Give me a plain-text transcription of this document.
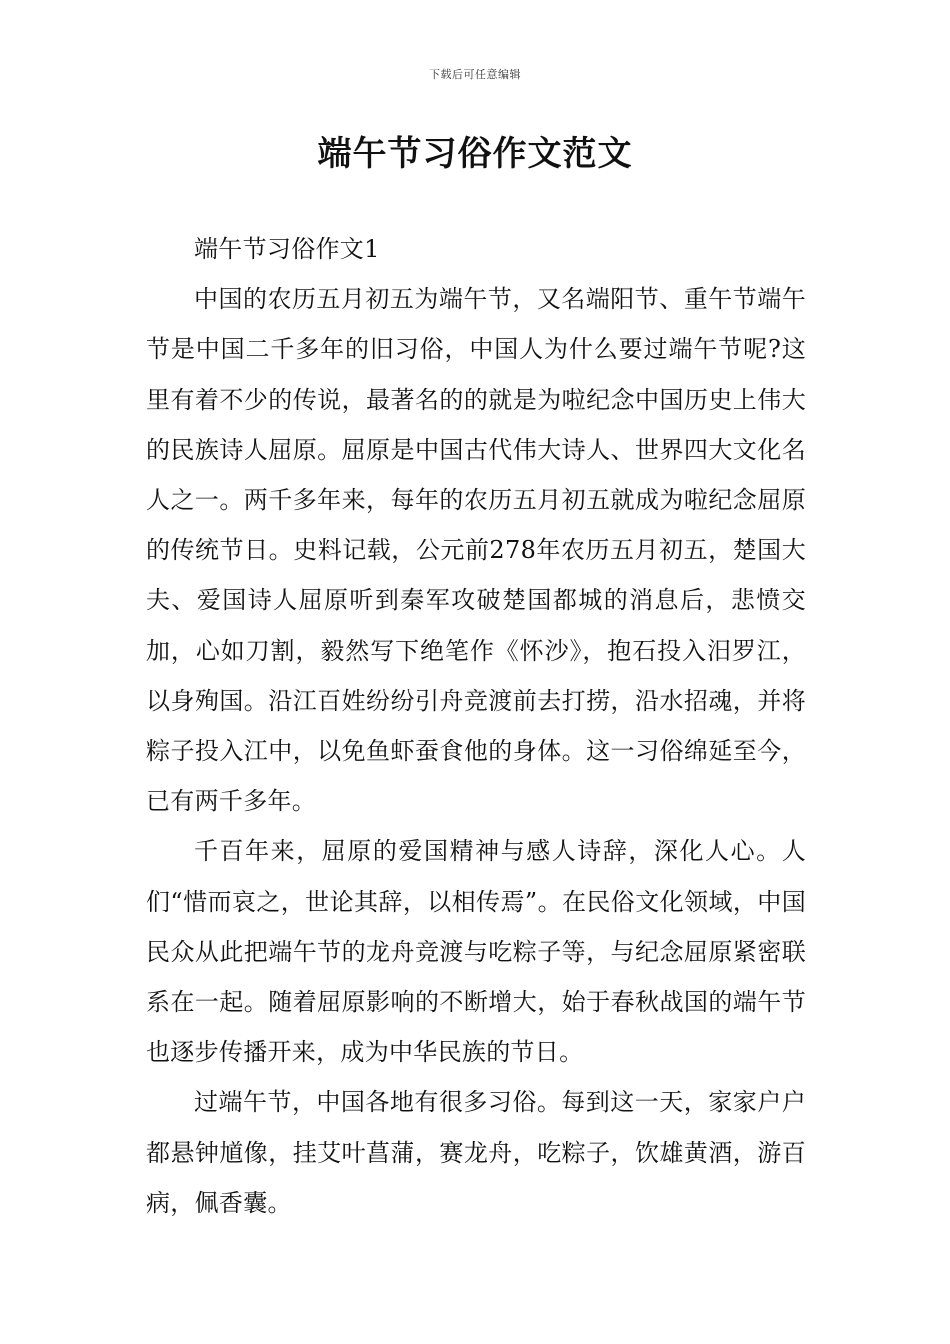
下载后可任意编辑
端午节习俗作文范文

端午节习俗作文1

中国的农历五月初五为端午节，又名端阳节、重午节端午节是中国二千多年的旧习俗，中国人为什么要过端午节呢?这里有着不少的传说，最著名的的就是为啦纪念中国历史上伟大的民族诗人屈原。屈原是中国古代伟大诗人、世界四大文化名人之一。两千多年来，每年的农历五月初五就成为啦纪念屈原的传统节日。史料记载，公元前278年农历五月初五，楚国大夫、爱国诗人屈原听到秦军攻破楚国都城的消息后，悲愤交加，心如刀割，毅然写下绝笔作《怀沙》，抱石投入汨罗江，以身殉国。沿江百姓纷纷引舟竞渡前去打捞，沿水招魂，并将粽子投入江中，以免鱼虾蚕食他的身体。这一习俗绵延至今，已有两千多年。

千百年来，屈原的爱国精神与感人诗辞，深化人心。人们“惜而哀之，世论其辞，以相传焉”。在民俗文化领域，中国民众从此把端午节的龙舟竞渡与吃粽子等，与纪念屈原紧密联系在一起。随着屈原影响的不断增大，始于春秋战国的端午节也逐步传播开来，成为中华民族的节日。

过端午节，中国各地有很多习俗。每到这一天，家家户户都悬钟馗像，挂艾叶菖蒲，赛龙舟，吃粽子，饮雄黄酒，游百病，佩香囊。
